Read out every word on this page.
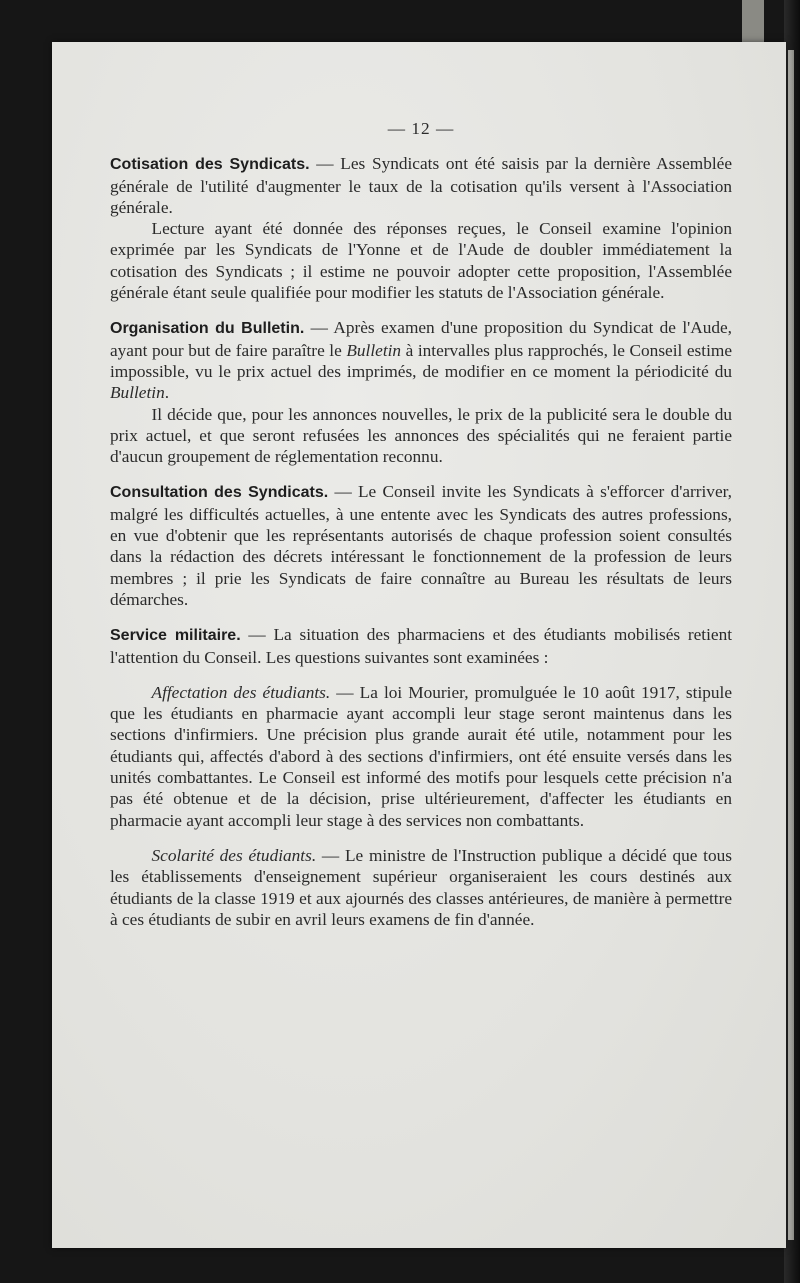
— 12 —

Cotisation des Syndicats. — Les Syndicats ont été saisis par la dernière Assemblée générale de l'utilité d'augmenter le taux de la cotisation qu'ils versent à l'Association générale.

Lecture ayant été donnée des réponses reçues, le Conseil examine l'opinion exprimée par les Syndicats de l'Yonne et de l'Aude de doubler immédiatement la cotisation des Syndicats ; il estime ne pouvoir adopter cette proposition, l'Assemblée générale étant seule qualifiée pour modifier les statuts de l'Association générale.

Organisation du Bulletin. — Après examen d'une proposition du Syndicat de l'Aude, ayant pour but de faire paraître le Bulletin à intervalles plus rapprochés, le Conseil estime impossible, vu le prix actuel des imprimés, de modifier en ce moment la périodicité du Bulletin.

Il décide que, pour les annonces nouvelles, le prix de la publicité sera le double du prix actuel, et que seront refusées les annonces des spécialités qui ne feraient partie d'aucun groupement de réglementation reconnu.

Consultation des Syndicats. — Le Conseil invite les Syndicats à s'efforcer d'arriver, malgré les difficultés actuelles, à une entente avec les Syndicats des autres professions, en vue d'obtenir que les représentants autorisés de chaque profession soient consultés dans la rédaction des décrets intéressant le fonctionnement de la profession de leurs membres ; il prie les Syndicats de faire connaître au Bureau les résultats de leurs démarches.

Service militaire. — La situation des pharmaciens et des étudiants mobilisés retient l'attention du Conseil. Les questions suivantes sont examinées :

Affectation des étudiants. — La loi Mourier, promulguée le 10 août 1917, stipule que les étudiants en pharmacie ayant accompli leur stage seront maintenus dans les sections d'infirmiers. Une précision plus grande aurait été utile, notamment pour les étudiants qui, affectés d'abord à des sections d'infirmiers, ont été ensuite versés dans les unités combattantes. Le Conseil est informé des motifs pour lesquels cette précision n'a pas été obtenue et de la décision, prise ultérieurement, d'affecter les étudiants en pharmacie ayant accompli leur stage à des services non combattants.

Scolarité des étudiants. — Le ministre de l'Instruction publique a décidé que tous les établissements d'enseignement supérieur organiseraient les cours destinés aux étudiants de la classe 1919 et aux ajournés des classes antérieures, de manière à permettre à ces étudiants de subir en avril leurs examens de fin d'année.
